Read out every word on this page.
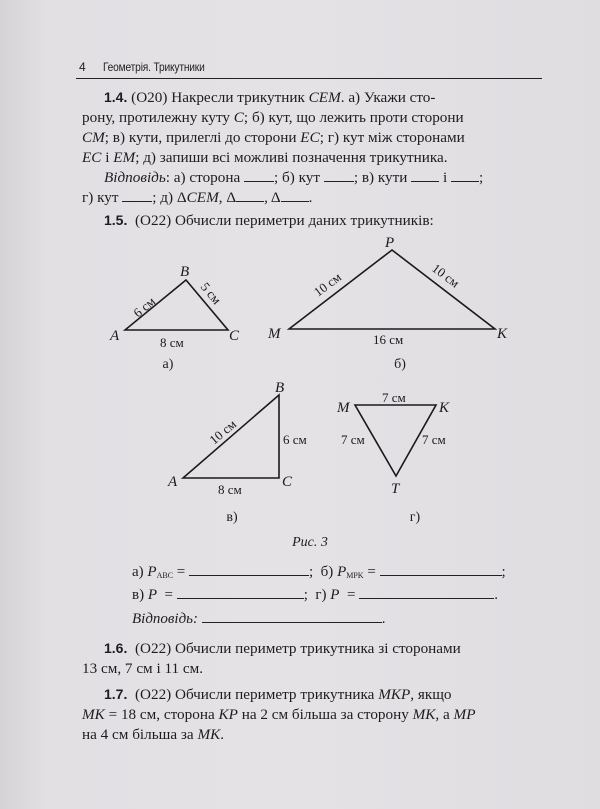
4 Геометрія. Трикутники
1.4. (О20) Накресли трикутник CEM. а) Укажи сто-
рону, протилежну куту C; б) кут, що лежить проти сторони
CM; в) кути, прилеглі до сторони EC; г) кут між сторонами
EC і EM; д) запиши всі можливі позначення трикутника.
Відповідь: а) сторона ; б) кут ; в) кути  і ;
г) кут ; д) ΔCEM, Δ , Δ .
1.5. (О22) Обчисли периметри даних трикутників:
A
B
C
6 см	5 см
8 см
M
P
K
10 см	10 см
16 см
A
B
C
10 см	6 см
8 см
M	K
T
7 см
7 см	7 см
а)	б)
в)	г)
Рис. 3
а) $P_{ABC}$ =	;  б) $P_{MPK}$ =	;
в) P  =	;  г) P  =	.
Відповідь:	.
1.6. (О22) Обчисли периметр трикутника зі сторонами
13 см, 7 см і 11 см.
1.7. (О22) Обчисли периметр трикутника MKP, якщо
MK = 18 см, сторона KP на 2 см більша за сторону MK, а MP
на 4 см більша за MK.
